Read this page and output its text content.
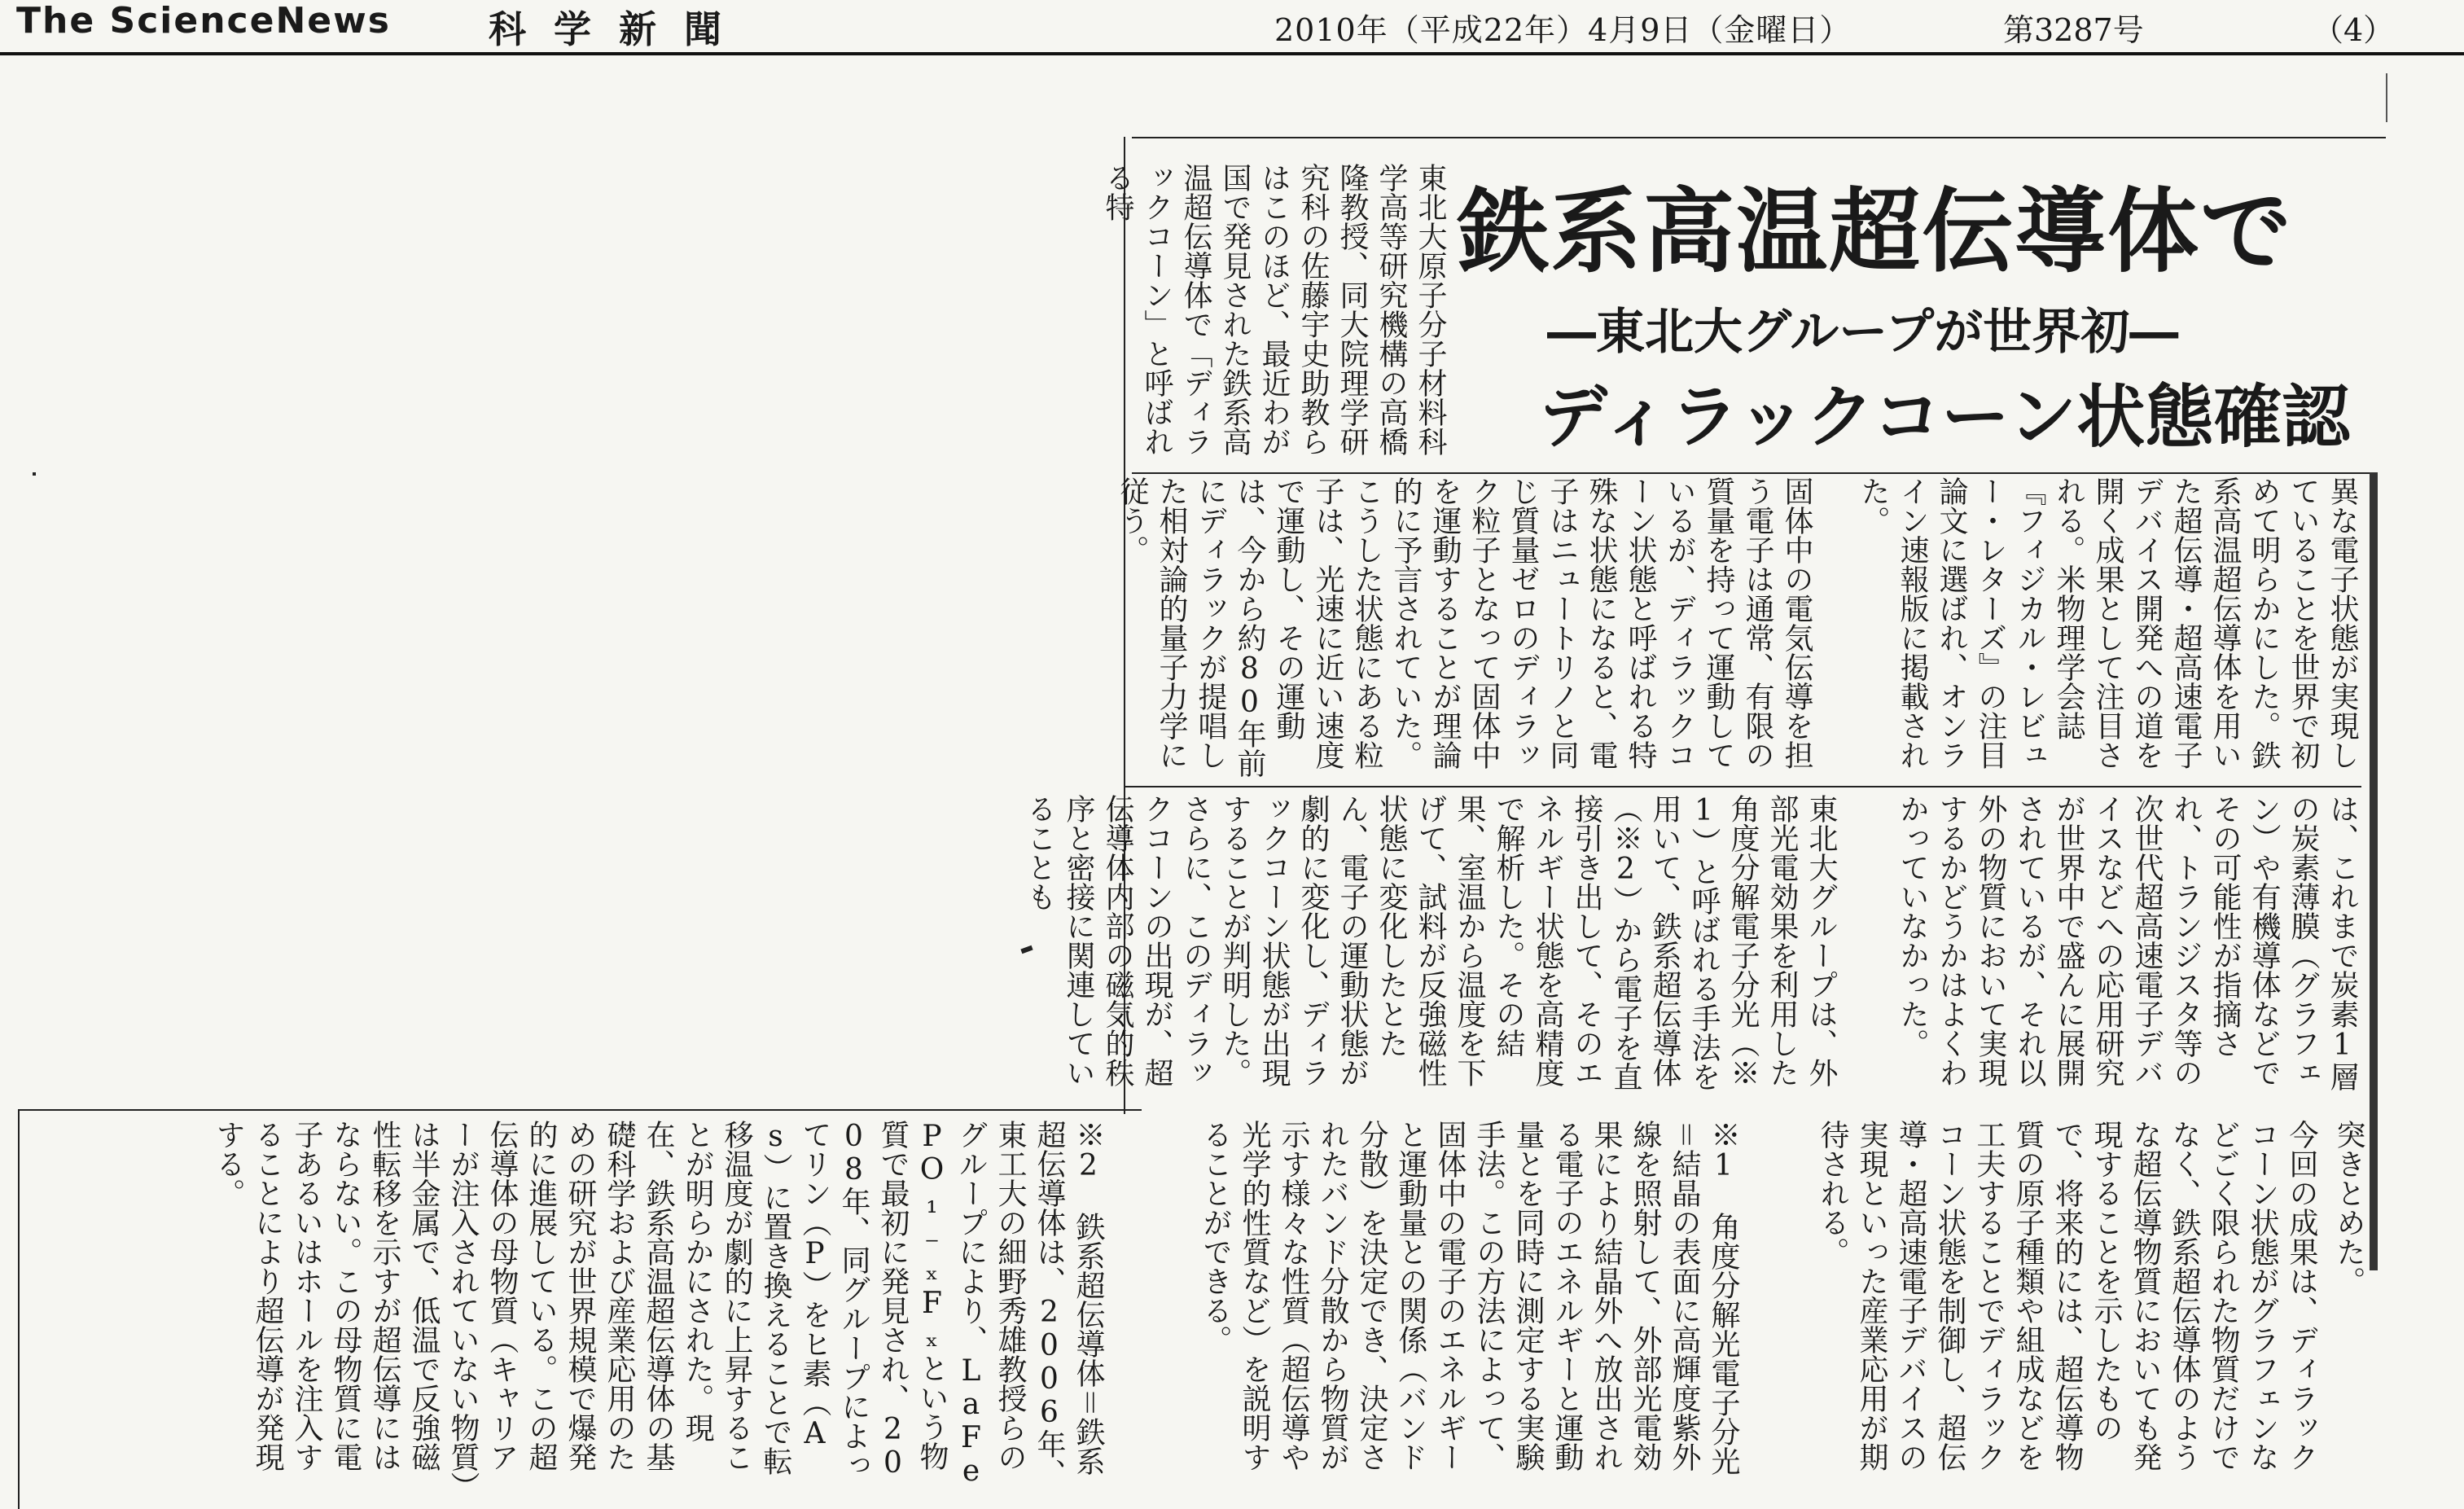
The ScienceNews	科学新聞	2010年（平成22年）4月9日（金曜日）	第3287号	（4）
鉄系高温超伝導体で
―東北大グループが世界初―
ディラックコーン状態確認
東北大原子分子材料科学高等研究機構の高橋隆教授、同大院理学研究科の佐藤宇史助教らはこのほど、最近わが国で発見された鉄系高温超伝導体で「ディラックコーン」と呼ばれる特
異な電子状態が実現していることを世界で初めて明らかにした。鉄系高温超伝導体を用いた超伝導・超高速電子デバイス開発への道を開く成果として注目される。米物理学会誌『フィジカル・レビュー・レターズ』の注目論文に選ばれ、オンライン速報版に掲載された。
固体中の電気伝導を担う電子は通常、有限の質量を持って運動しているが、ディラックコーン状態と呼ばれる特殊な状態になると、電子はニュートリノと同じ質量ゼロのディラック粒子となって固体中を運動することが理論的に予言されていた。こうした状態にある粒子は、光速に近い速度で運動し、その運動は、今から約80年前にディラックが提唱した相対論的量子力学に従う。
は、これまで炭素1層の炭素薄膜（グラフェン）や有機導体などでその可能性が指摘され、トランジスタ等の次世代超高速電子デバイスなどへの応用研究が世界中で盛んに展開されているが、それ以外の物質において実現するかどうかはよくわかっていなかった。
東北大グループは、外部光電効果を利用した角度分解電子分光（※1）と呼ばれる手法を用いて、鉄系超伝導体（※2）から電子を直接引き出して、そのエネルギー状態を高精度で解析した。その結果、室温から温度を下げて、試料が反強磁性状態に変化したとたん、電子の運動状態が劇的に変化し、ディラックコーン状態が出現することが判明した。さらに、このディラックコーンの出現が、超伝導体内部の磁気的秩序と密接に関連していることも
突きとめた。
今回の成果は、ディラックコーン状態がグラフェンなどごく限られた物質だけでなく、鉄系超伝導体のような超伝導物質においても発現することを示したもので、将来的には、超伝導物質の原子種類や組成などを工夫することでディラックコーン状態を制御し、超伝導・超高速電子デバイスの実現といった産業応用が期待される。
※1　角度分解光電子分光＝結晶の表面に高輝度紫外線を照射して、外部光電効果により結晶外へ放出される電子のエネルギーと運動量とを同時に測定する実験手法。この方法によって、固体中の電子のエネルギーと運動量との関係（バンド分散）を決定でき、決定されたバンド分散から物質が示す様々な性質（超伝導や光学的性質など）を説明することができる。
※2　鉄系超伝導体＝鉄系超伝導体は、2006年、東工大の細野秀雄教授らのグループにより、LaFePO₁₋ₓFₓという物質で最初に発見され、2008年、同グループによってリン（P）をヒ素（As）に置き換えることで転移温度が劇的に上昇することが明らかにされた。現在、鉄系高温超伝導体の基礎科学および産業応用のための研究が世界規模で爆発的に進展している。この超伝導体の母物質（キャリアーが注入されていない物質）は半金属で、低温で反強磁性転移を示すが超伝導にはならない。この母物質に電子あるいはホールを注入することにより超伝導が発現する。
